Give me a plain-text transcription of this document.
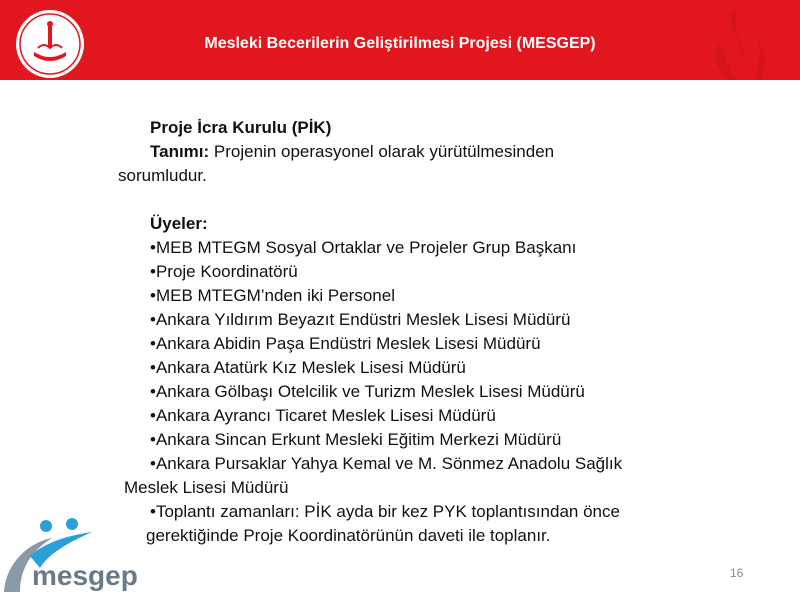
Mesleki Becerilerin Geliştirilmesi Projesi (MESGEP)

Proje İcra Kurulu (PİK)

Tanımı: Projenin operasyonel olarak yürütülmesinden

sorumludur.

Üyeler:

•MEB MTEGM Sosyal Ortaklar ve Projeler Grup Başkanı

•Proje Koordinatörü

•MEB MTEGM’nden iki Personel

•Ankara Yıldırım Beyazıt Endüstri Meslek Lisesi Müdürü

•Ankara Abidin Paşa Endüstri Meslek Lisesi Müdürü

•Ankara Atatürk Kız Meslek Lisesi Müdürü

•Ankara Gölbaşı Otelcilik ve Turizm Meslek Lisesi Müdürü

•Ankara Ayrancı Ticaret Meslek Lisesi Müdürü

•Ankara Sincan Erkunt Mesleki Eğitim Merkezi Müdürü

•Ankara Pursaklar Yahya Kemal ve M. Sönmez Anadolu Sağlık

Meslek Lisesi Müdürü

•Toplantı zamanları: PİK ayda bir kez PYK toplantısından önce

gerektiğinde Proje Koordinatörünün daveti ile toplanır.

mesgep	16
